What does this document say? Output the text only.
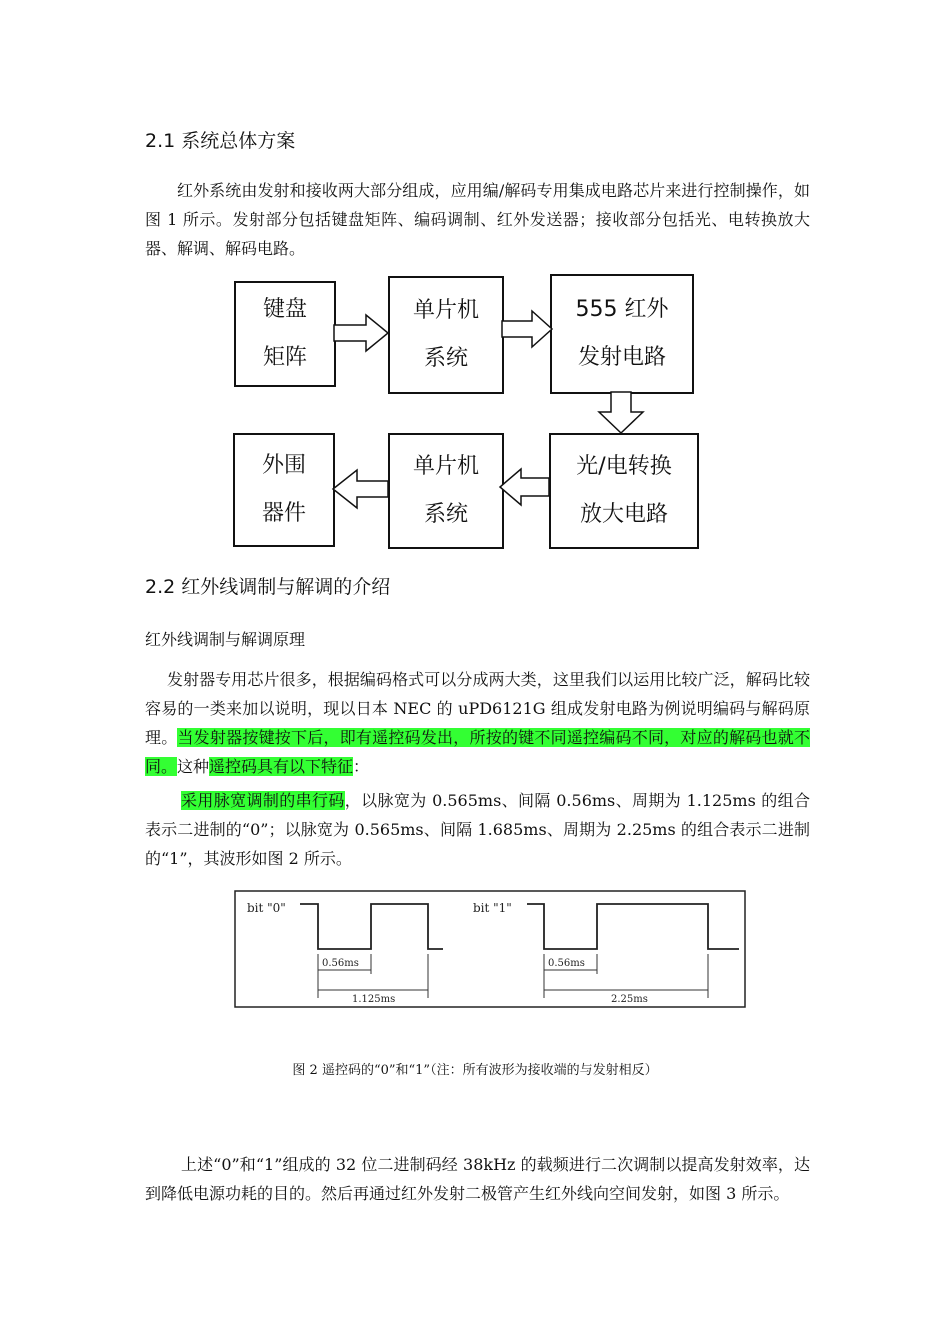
2.1 系统总体方案

红外系统由发射和接收两大部分组成，应用编/解码专用集成电路芯片来进行控制操作，如图 1 所示。发射部分包括键盘矩阵、编码调制、红外发送器；接收部分包括光、电转换放大器、解调、解码电路。

键盘
矩阵
单片机
系统
555 红外
发射电路
外围
器件
单片机
系统
光/电转换
放大电路
2.2 红外线调制与解调的介绍
红外线调制与解调原理

发射器专用芯片很多，根据编码格式可以分成两大类，这里我们以运用比较广泛，解码比较容易的一类来加以说明，现以日本 NEC 的 uPD6121G 组成发射电路为例说明编码与解码原理。当发射器按键按下后，即有遥控码发出，所按的键不同遥控编码不同，对应的解码也就不同。这种遥控码具有以下特征：

采用脉宽调制的串行码，以脉宽为 0.565ms、间隔 0.56ms、周期为 1.125ms 的组合表示二进制的“0”；以脉宽为 0.565ms、间隔 1.685ms、周期为 2.25ms 的组合表示二进制的“1”，其波形如图 2 所示。

bit "0"	bit "1"
0.56ms
1.125ms
0.56ms
2.25ms
图 2 遥控码的“0”和“1”（注：所有波形为接收端的与发射相反）

上述“0”和“1”组成的 32 位二进制码经 38kHz 的载频进行二次调制以提高发射效率，达到降低电源功耗的目的。然后再通过红外发射二极管产生红外线向空间发射，如图 3 所示。
